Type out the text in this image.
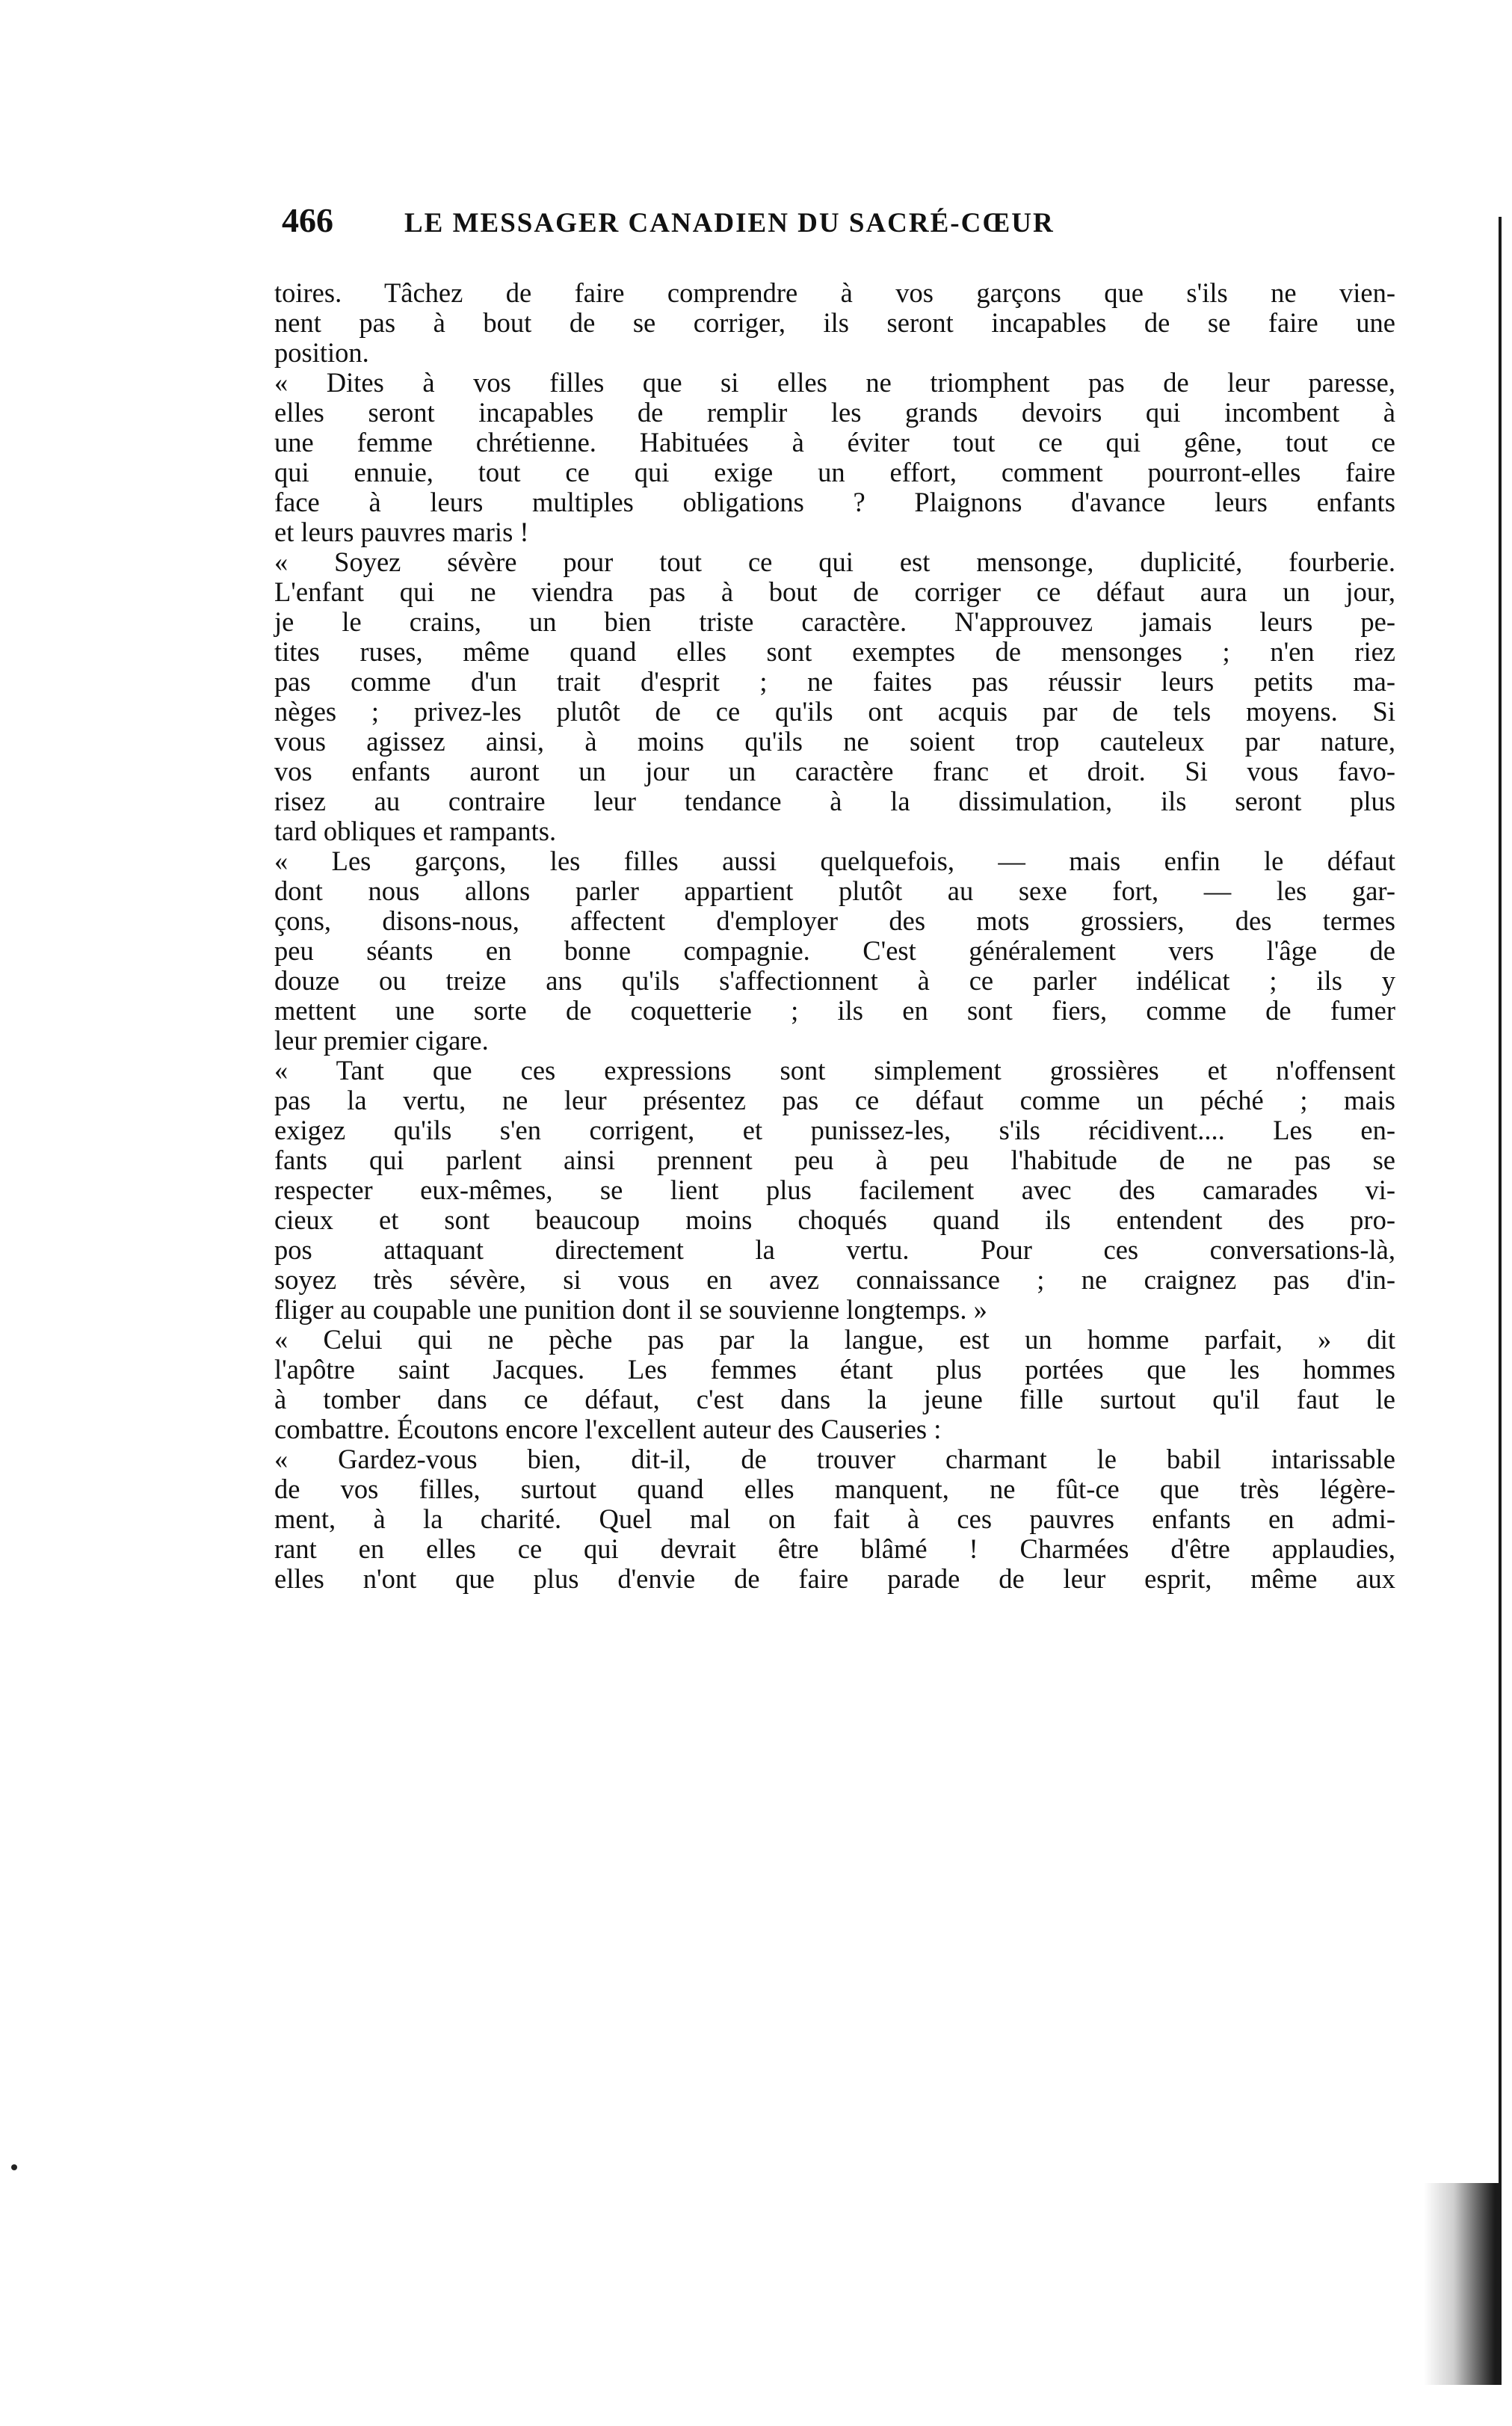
466	LE MESSAGER CANADIEN DU SACRÉ-CŒUR
toires. Tâchez de faire comprendre à vos garçons que s'ils ne vien-
nent pas à bout de se corriger, ils seront incapables de se faire une
position.
« Dites à vos filles que si elles ne triomphent pas de leur paresse,
elles seront incapables de remplir les grands devoirs qui incombent à
une femme chrétienne. Habituées à éviter tout ce qui gêne, tout ce
qui ennuie, tout ce qui exige un effort, comment pourront-elles faire
face à leurs multiples obligations ? Plaignons d'avance leurs enfants
et leurs pauvres maris !
« Soyez sévère pour tout ce qui est mensonge, duplicité, fourberie.
L'enfant qui ne viendra pas à bout de corriger ce défaut aura un jour,
je le crains, un bien triste caractère. N'approuvez jamais leurs pe-
tites ruses, même quand elles sont exemptes de mensonges ; n'en riez
pas comme d'un trait d'esprit ; ne faites pas réussir leurs petits ma-
nèges ; privez-les plutôt de ce qu'ils ont acquis par de tels moyens. Si
vous agissez ainsi, à moins qu'ils ne soient trop cauteleux par nature,
vos enfants auront un jour un caractère franc et droit. Si vous favo-
risez au contraire leur tendance à la dissimulation, ils seront plus
tard obliques et rampants.
« Les garçons, les filles aussi quelquefois, — mais enfin le défaut
dont nous allons parler appartient plutôt au sexe fort, — les gar-
çons, disons-nous, affectent d'employer des mots grossiers, des termes
peu séants en bonne compagnie. C'est généralement vers l'âge de
douze ou treize ans qu'ils s'affectionnent à ce parler indélicat ; ils y
mettent une sorte de coquetterie ; ils en sont fiers, comme de fumer
leur premier cigare.
« Tant que ces expressions sont simplement grossières et n'offensent
pas la vertu, ne leur présentez pas ce défaut comme un péché ; mais
exigez qu'ils s'en corrigent, et punissez-les, s'ils récidivent.... Les en-
fants qui parlent ainsi prennent peu à peu l'habitude de ne pas se
respecter eux-mêmes, se lient plus facilement avec des camarades vi-
cieux et sont beaucoup moins choqués quand ils entendent des pro-
pos attaquant directement la vertu. Pour ces conversations-là,
soyez très sévère, si vous en avez connaissance ; ne craignez pas d'in-
fliger au coupable une punition dont il se souvienne longtemps. »
« Celui qui ne pèche pas par la langue, est un homme parfait, » dit
l'apôtre saint Jacques. Les femmes étant plus portées que les hommes
à tomber dans ce défaut, c'est dans la jeune fille surtout qu'il faut le
combattre. Écoutons encore l'excellent auteur des Causeries :
« Gardez-vous bien, dit-il, de trouver charmant le babil intarissable
de vos filles, surtout quand elles manquent, ne fût-ce que très légère-
ment, à la charité. Quel mal on fait à ces pauvres enfants en admi-
rant en elles ce qui devrait être blâmé ! Charmées d'être applaudies,
elles n'ont que plus d'envie de faire parade de leur esprit, même aux
